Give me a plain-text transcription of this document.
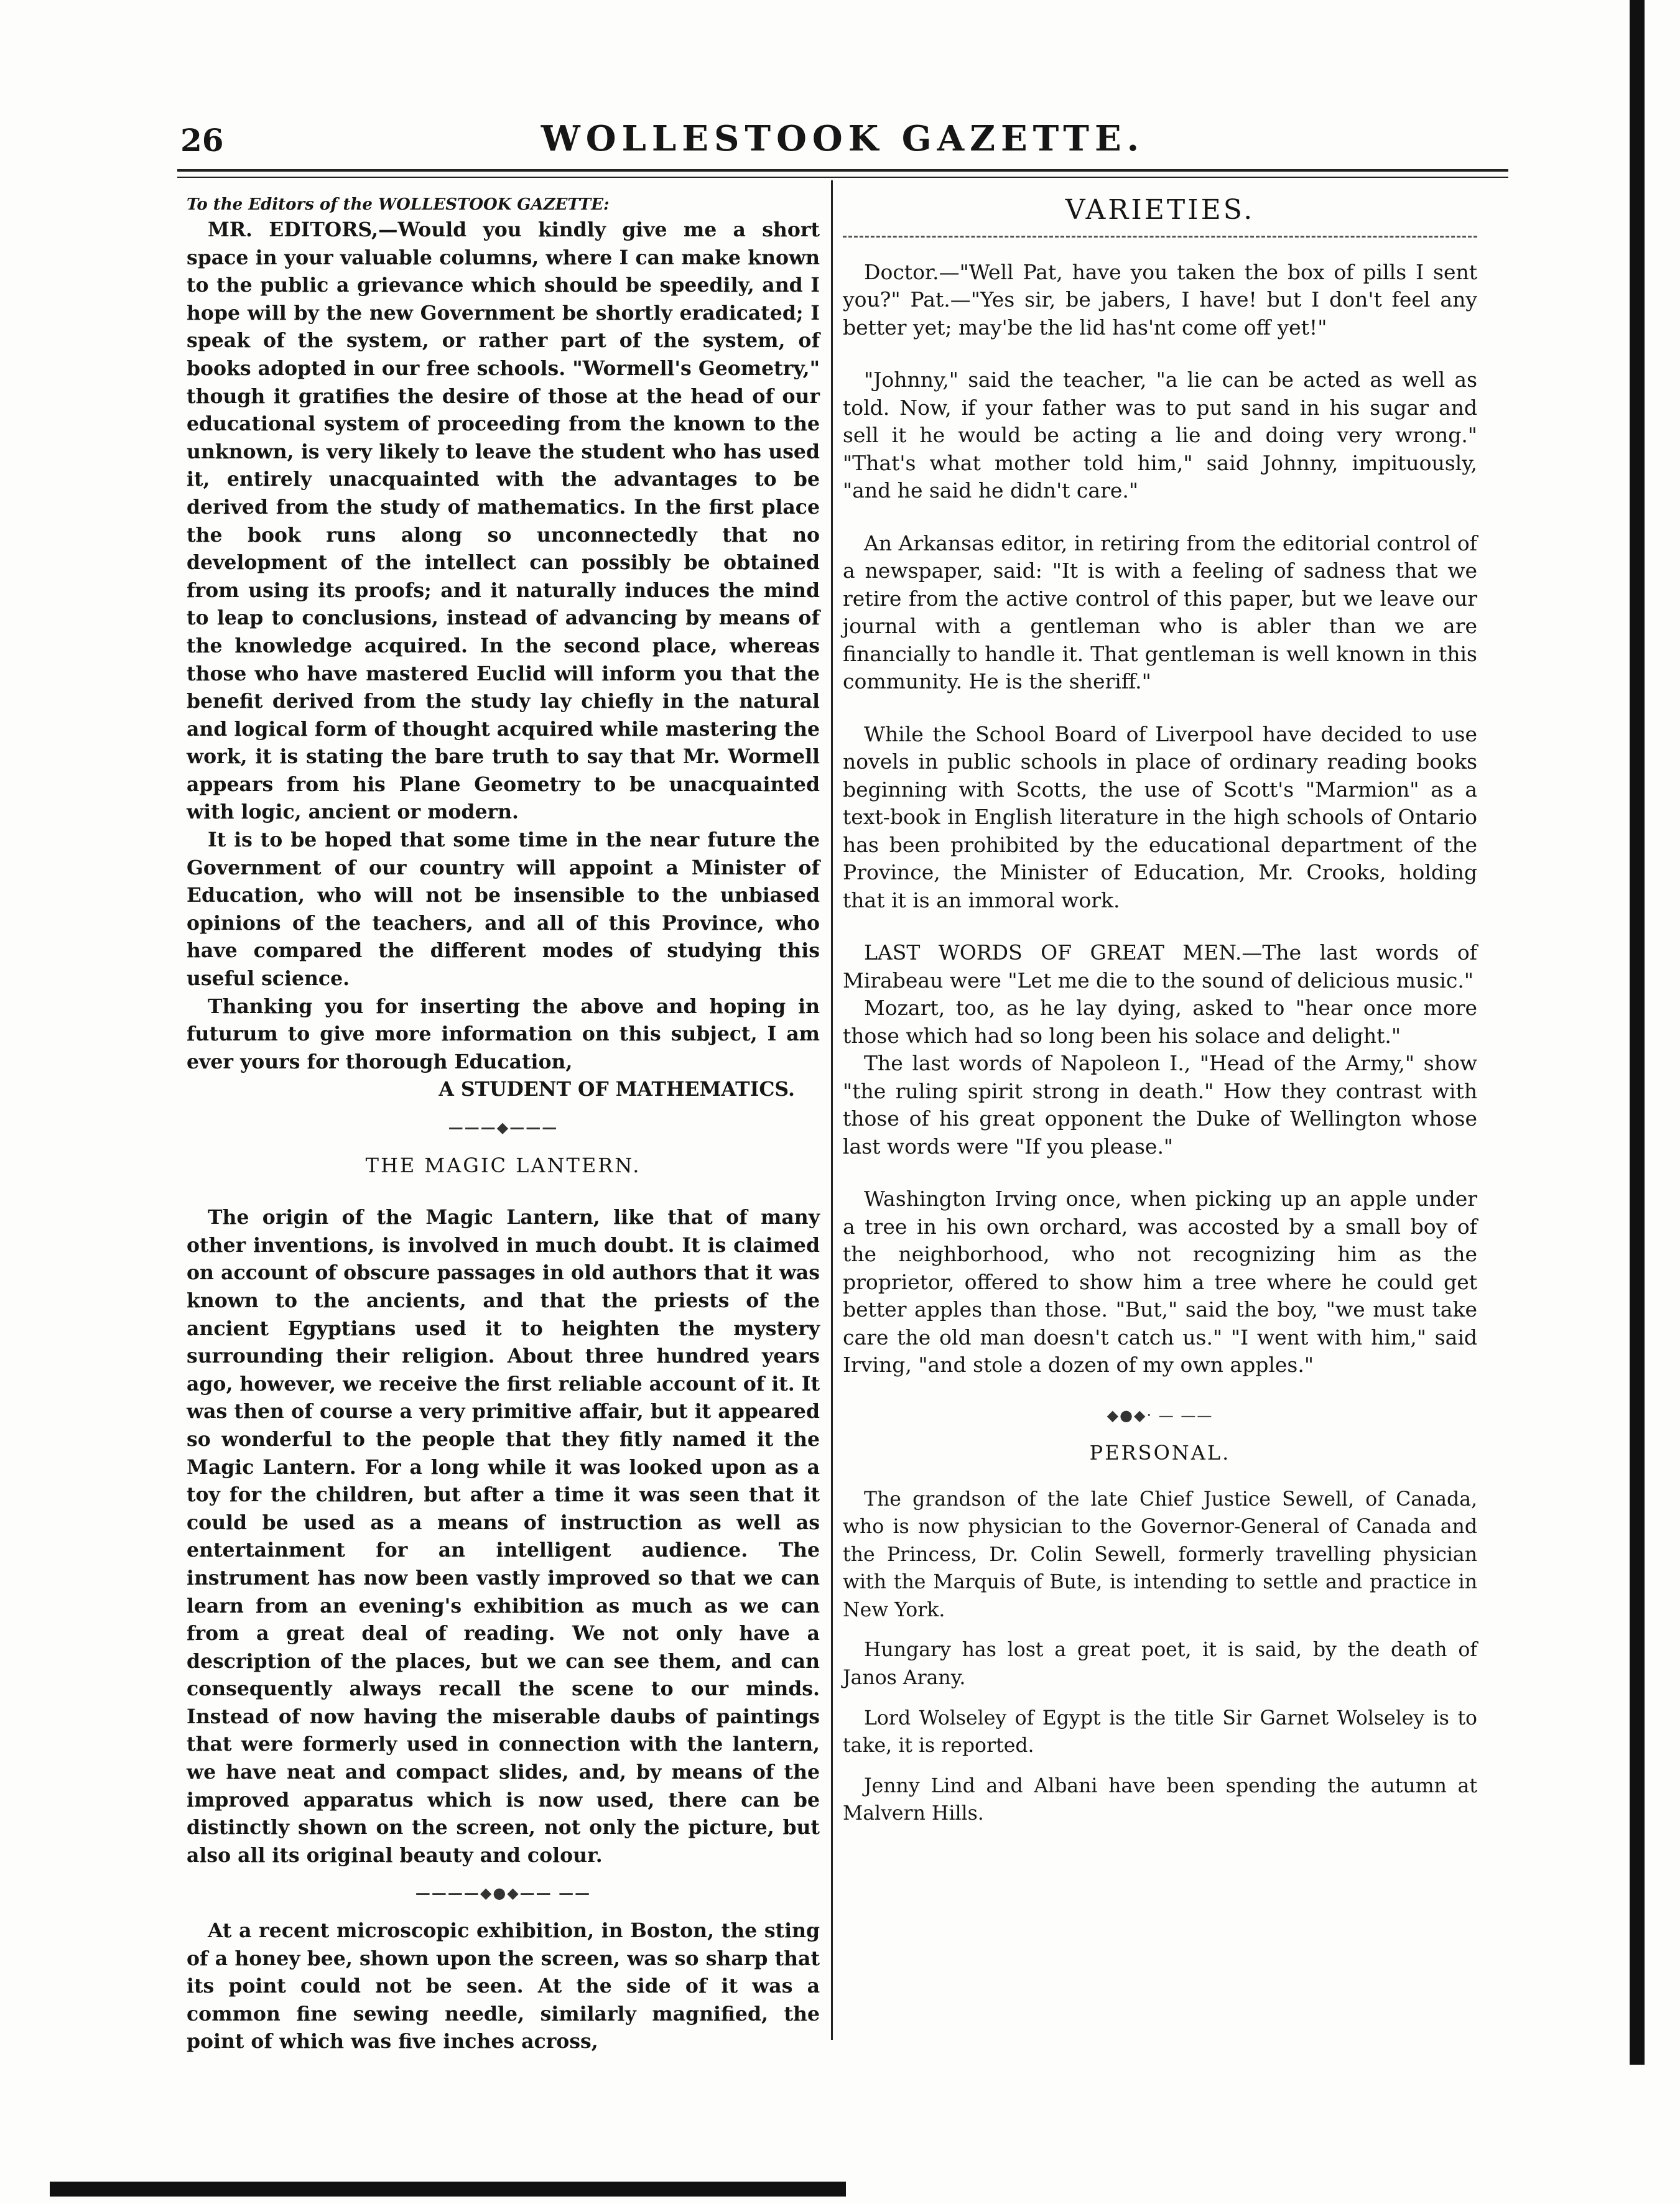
26	WOLLESTOOK GAZETTE.

To the Editors of the WOLLESTOOK GAZETTE:

MR. EDITORS,—Would you kindly give me a short space in your valuable columns, where I can make known to the public a grievance which should be speedily, and I hope will by the new Government be shortly eradicated; I speak of the system, or rather part of the system, of books adopted in our free schools. "Wormell's Geometry," though it gratifies the desire of those at the head of our educational system of proceeding from the known to the unknown, is very likely to leave the student who has used it, entirely unacquainted with the advantages to be derived from the study of mathematics. In the first place the book runs along so unconnectedly that no development of the intellect can possibly be obtained from using its proofs; and it naturally induces the mind to leap to conclusions, instead of advancing by means of the knowledge acquired. In the second place, whereas those who have mastered Euclid will inform you that the benefit derived from the study lay chiefly in the natural and logical form of thought acquired while mastering the work, it is stating the bare truth to say that Mr. Wormell appears from his Plane Geometry to be unacquainted with logic, ancient or modern.

It is to be hoped that some time in the near future the Government of our country will appoint a Minister of Education, who will not be insensible to the unbiased opinions of the teachers, and all of this Province, who have compared the different modes of studying this useful science.

Thanking you for inserting the above and hoping in futurum to give more information on this subject, I am ever yours for thorough Education,

A STUDENT OF MATHEMATICS.

———◆———

THE MAGIC LANTERN.

The origin of the Magic Lantern, like that of many other inventions, is involved in much doubt. It is claimed on account of obscure passages in old authors that it was known to the ancients, and that the priests of the ancient Egyptians used it to heighten the mystery surrounding their religion. About three hundred years ago, however, we receive the first reliable account of it. It was then of course a very primitive affair, but it appeared so wonderful to the people that they fitly named it the Magic Lantern. For a long while it was looked upon as a toy for the children, but after a time it was seen that it could be used as a means of instruction as well as entertainment for an intelligent audience. The instrument has now been vastly improved so that we can learn from an evening's exhibition as much as we can from a great deal of reading. We not only have a description of the places, but we can see them, and can consequently always recall the scene to our minds. Instead of now having the miserable daubs of paintings that were formerly used in connection with the lantern, we have neat and compact slides, and, by means of the improved apparatus which is now used, there can be distinctly shown on the screen, not only the picture, but also all its original beauty and colour.

————◆●◆—— ——

At a recent microscopic exhibition, in Boston, the sting of a honey bee, shown upon the screen, was so sharp that its point could not be seen. At the side of it was a common fine sewing needle, similarly magnified, the point of which was five inches across,

VARIETIES.

Doctor.—"Well Pat, have you taken the box of pills I sent you?" Pat.—"Yes sir, be jabers, I have! but I don't feel any better yet; may'be the lid has'nt come off yet!"

"Johnny," said the teacher, "a lie can be acted as well as told. Now, if your father was to put sand in his sugar and sell it he would be acting a lie and doing very wrong." "That's what mother told him," said Johnny, impituously, "and he said he didn't care."

An Arkansas editor, in retiring from the editorial control of a newspaper, said: "It is with a feeling of sadness that we retire from the active control of this paper, but we leave our journal with a gentleman who is abler than we are financially to handle it. That gentleman is well known in this community. He is the sheriff."

While the School Board of Liverpool have decided to use novels in public schools in place of ordinary reading books beginning with Scotts, the use of Scott's "Marmion" as a text-book in English literature in the high schools of Ontario has been prohibited by the educational department of the Province, the Minister of Education, Mr. Crooks, holding that it is an immoral work.

LAST WORDS OF GREAT MEN.—The last words of Mirabeau were "Let me die to the sound of delicious music."

Mozart, too, as he lay dying, asked to "hear once more those which had so long been his solace and delight."

The last words of Napoleon I., "Head of the Army," show "the ruling spirit strong in death." How they contrast with those of his great opponent the Duke of Wellington whose last words were "If you please."

Washington Irving once, when picking up an apple under a tree in his own orchard, was accosted by a small boy of the neighborhood, who not recognizing him as the proprietor, offered to show him a tree where he could get better apples than those. "But," said the boy, "we must take care the old man doesn't catch us." "I went with him," said Irving, "and stole a dozen of my own apples."

◆●◆· — ——
PERSONAL.

The grandson of the late Chief Justice Sewell, of Canada, who is now physician to the Governor-General of Canada and the Princess, Dr. Colin Sewell, formerly travelling physician with the Marquis of Bute, is intending to settle and practice in New York.

Hungary has lost a great poet, it is said, by the death of Janos Arany.

Lord Wolseley of Egypt is the title Sir Garnet Wolseley is to take, it is reported.

Jenny Lind and Albani have been spending the autumn at Malvern Hills.
